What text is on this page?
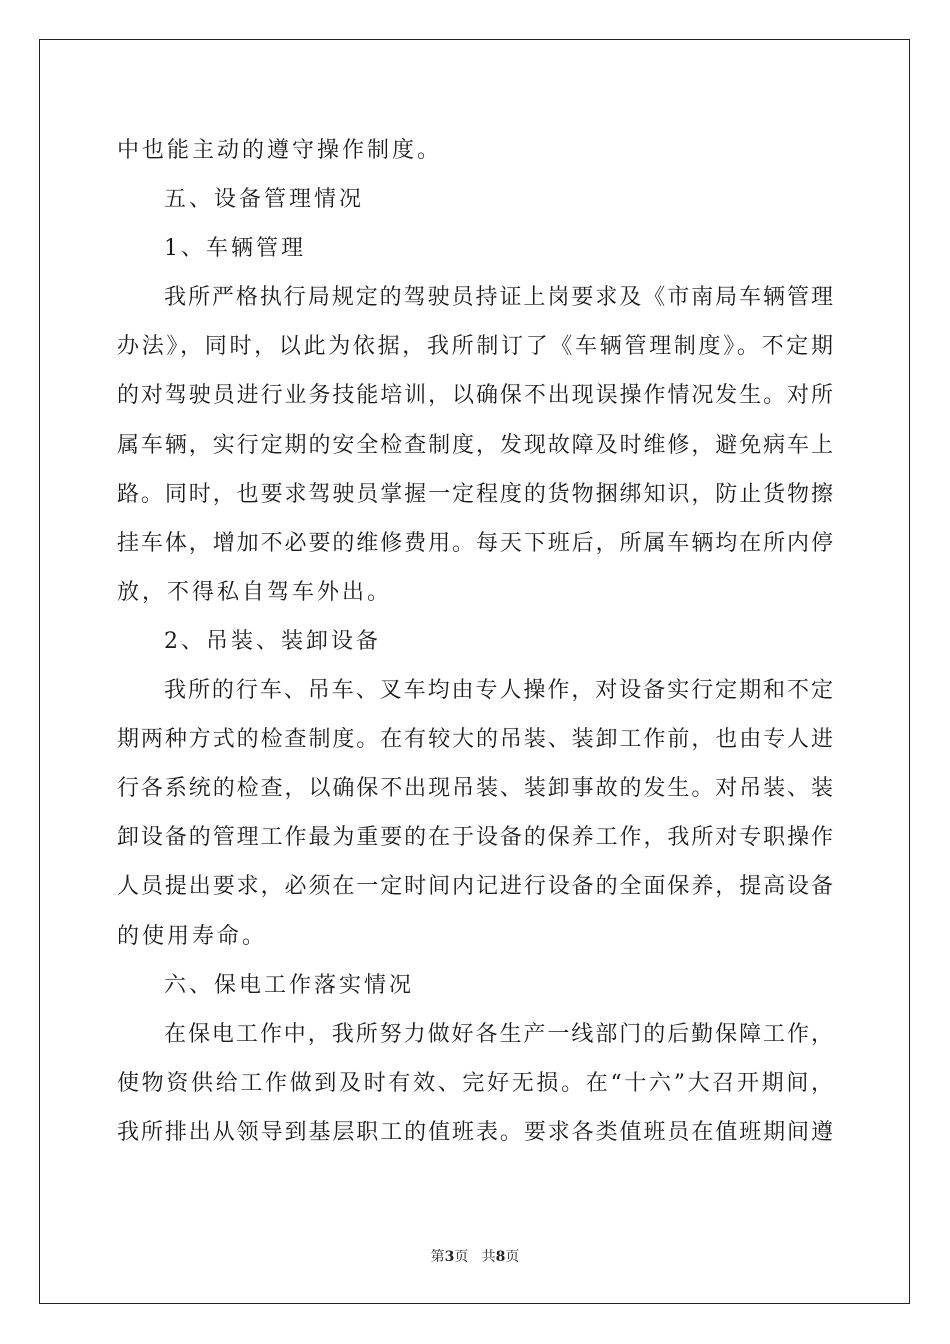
中也能主动的遵守操作制度。
五、设备管理情况
1、车辆管理
我所严格执行局规定的驾驶员持证上岗要求及《市南局车辆管理
办法》，同时，以此为依据，我所制订了《车辆管理制度》。不定期
的对驾驶员进行业务技能培训，以确保不出现误操作情况发生。对所
属车辆，实行定期的安全检查制度，发现故障及时维修，避免病车上
路。同时，也要求驾驶员掌握一定程度的货物捆绑知识，防止货物擦
挂车体，增加不必要的维修费用。每天下班后，所属车辆均在所内停
放，不得私自驾车外出。
2、吊装、装卸设备
我所的行车、吊车、叉车均由专人操作，对设备实行定期和不定
期两种方式的检查制度。在有较大的吊装、装卸工作前，也由专人进
行各系统的检查，以确保不出现吊装、装卸事故的发生。对吊装、装
卸设备的管理工作最为重要的在于设备的保养工作，我所对专职操作
人员提出要求，必须在一定时间内记进行设备的全面保养，提高设备
的使用寿命。
六、保电工作落实情况
在保电工作中，我所努力做好各生产一线部门的后勤保障工作，
使物资供给工作做到及时有效、完好无损。在“十六”大召开期间，
我所排出从领导到基层职工的值班表。要求各类值班员在值班期间遵
第3页 共8页
